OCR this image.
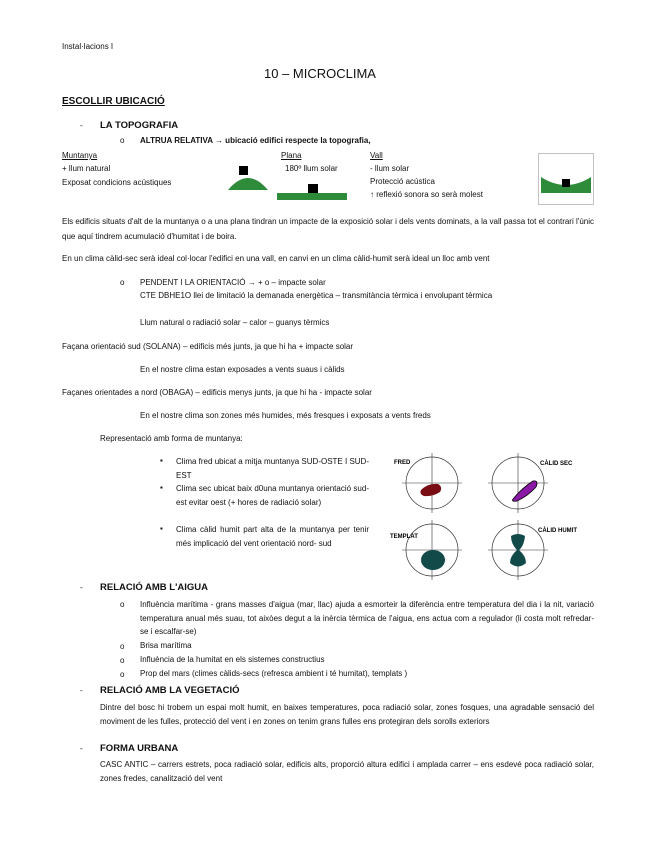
Instal·lacions I
10 – MICROCLIMA
ESCOLLIR UBICACIÓ
- LA TOPOGRAFIA
o ALTRUA RELATIVA → ubicació edifici respecte la topografia,
Muntanya
+ llum natural
Exposat condicions acústiques
Plana
180º llum solar
Vall
- llum solar
Protecció acústica
↑ reflexió sonora so serà molest
Els edificis situats d'alt de la muntanya o a una plana tindran un impacte de la exposició solar i dels vents dominats, a la vall passa tot el contrari l'únic que aquí tindrem acumulació d'humitat i de boira.
En un clima càlid-sec serà ideal col·locar l'edifici en una vall, en canvi en un clima càlid-humit serà ideal un lloc amb vent
o PENDENT I LA ORIENTACIÓ → + o – impacte solar
CTE DBHE1O llei de limitació la demanada energètica – transmitància tèrmica i envolupant tèrmica
Llum natural o radiació solar – calor – guanys tèrmics
Façana orientació sud (SOLANA) – edificis més junts, ja que hi ha + impacte solar
En el nostre clima estan exposades a vents suaus i càlids
Façanes orientades a nord (OBAGA) – edificis menys junts, ja que hi ha - impacte solar
En el nostre clima son zones més humides, més fresques i exposats a vents freds
Representació amb forma de muntanya:
▪ Clima fred ubicat a mitja muntanya SUD-OSTE I SUD-EST
▪ Clima sec ubicat baix d0una muntanya orientació sud-est evitar oest (+ hores de radiació solar)
▪ Clima càlid humit part alta de la muntanya per tenir més implicació del vent orientació nord- sud
FRED	CÀLID SEC
TEMPLAT
CÀLID HUMIT
- RELACIÓ AMB L'AIGUA
o Influència marítima - grans masses d'aigua (mar, llac) ajuda a esmorteir la diferència entre temperatura del dia i la nit, variació temperatura anual més suau, tot aixòes degut a la inèrcia tèrmica de l'aigua, ens actua com a regulador (li costa molt refredar-se i escalfar-se)
o Brisa marítima
o Influència de la humitat en els sistemes constructius
o Prop del mars (climes càlids-secs (refresca ambient i té humitat), templats )
- RELACIÓ AMB LA VEGETACIÓ
Dintre del bosc hi trobem un espai molt humit, en baixes temperatures, poca radiació solar, zones fosques, una agradable sensació del moviment de les fulles, protecció del vent i en zones on tenim grans fulles ens protegiran dels sorolls exteriors
- FORMA URBANA
CASC ANTIC – carrers estrets, poca radiació solar, edificis alts, proporció altura edifici i amplada carrer – ens esdevé poca radiació solar, zones fredes, canalització del vent
